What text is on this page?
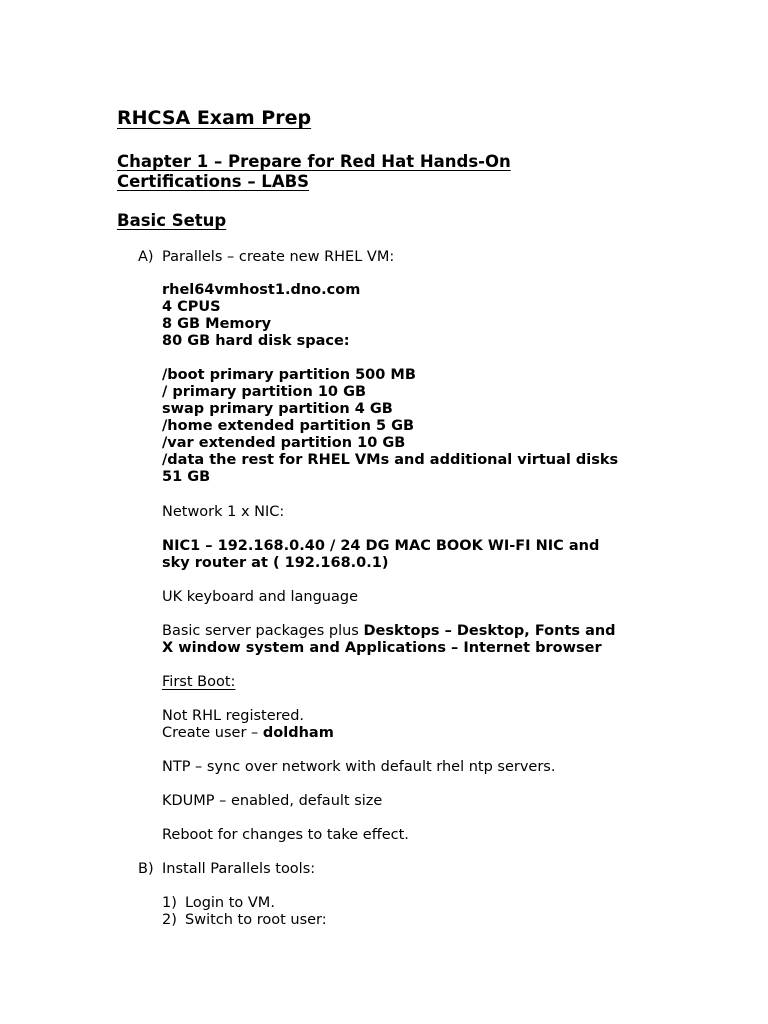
RHCSA Exam Prep
Chapter 1 – Prepare for Red Hat Hands-On
Certifications – LABS
Basic Setup
A) Parallels – create new RHEL VM:
rhel64vmhost1.dno.com
4 CPUS
8 GB Memory
80 GB hard disk space:
/boot primary partition 500 MB
/ primary partition 10 GB
swap primary partition 4 GB
/home extended partition 5 GB
/var extended partition 10 GB
/data the rest for RHEL VMs and additional virtual disks
51 GB
Network 1 x NIC:
NIC1 – 192.168.0.40 / 24 DG MAC BOOK WI-FI NIC and
sky router at ( 192.168.0.1)
UK keyboard and language
Basic server packages plus Desktops – Desktop, Fonts and
X window system and Applications – Internet browser
First Boot:
Not RHL registered.
Create user – doldham
NTP – sync over network with default rhel ntp servers.
KDUMP – enabled, default size
Reboot for changes to take effect.
B) Install Parallels tools:
1) Login to VM.
2) Switch to root user:
